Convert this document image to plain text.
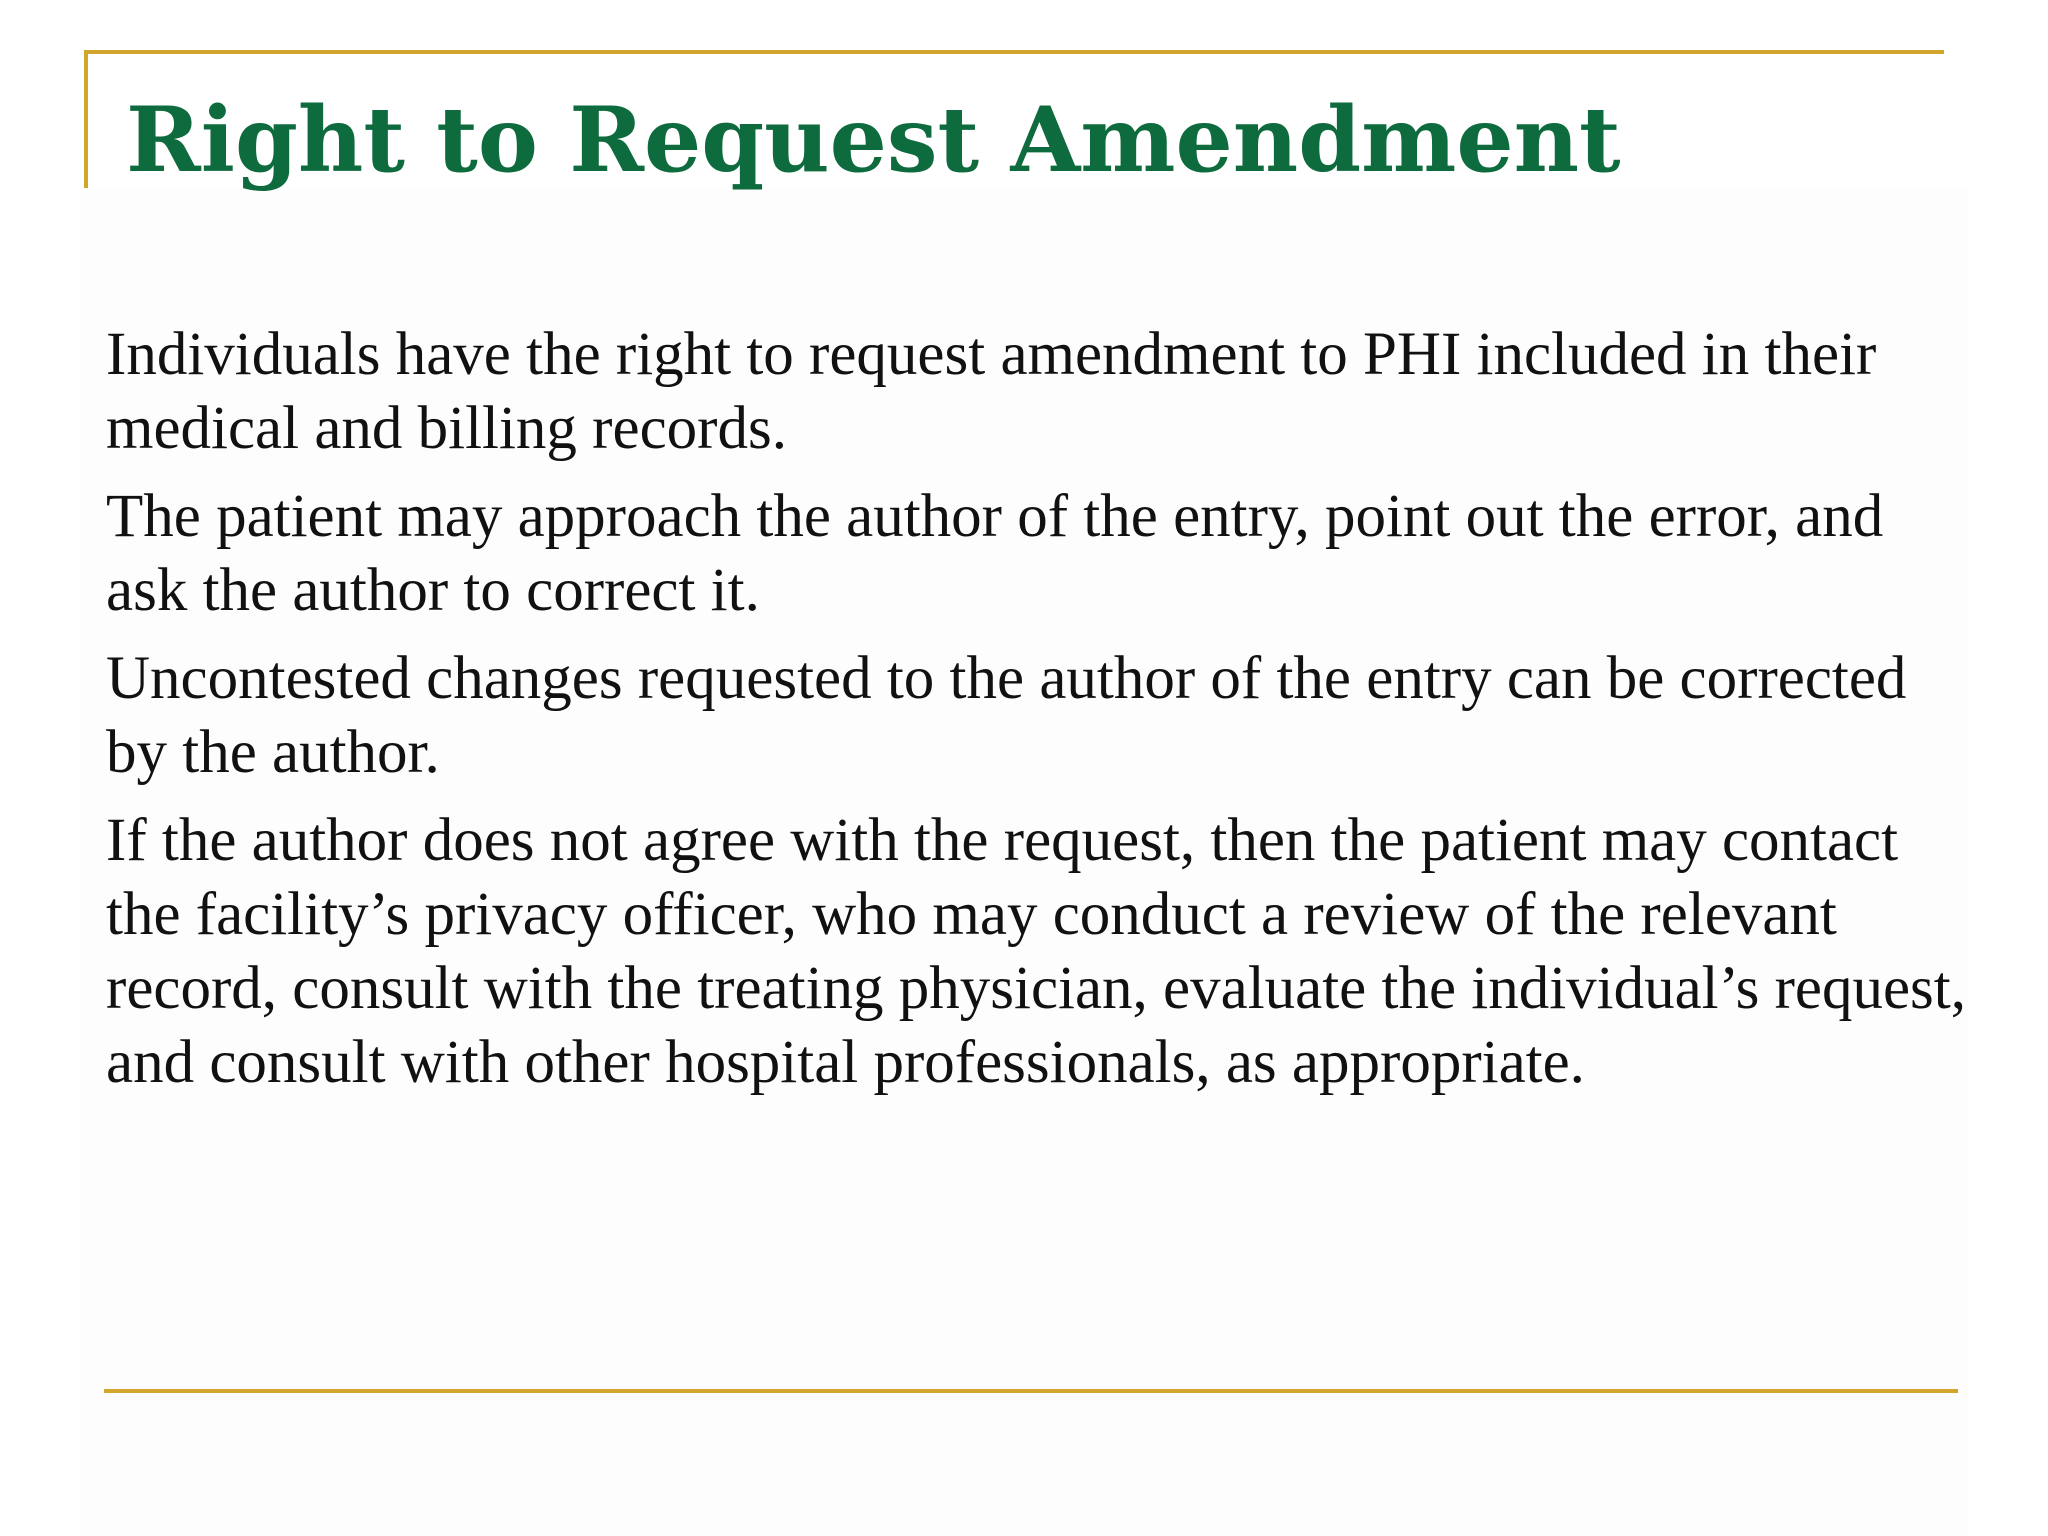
Right to Request Amendment

Individuals have the right to request amendment to PHI included in their medical and billing records.

The patient may approach the author of the entry, point out the error, and ask the author to correct it.

Uncontested changes requested to the author of the entry can be corrected by the author.

If the author does not agree with the request, then the patient may contact the facility’s privacy officer, who may conduct a review of the relevant record, consult with the treating physician, evaluate the individual’s request, and consult with other hospital professionals, as appropriate.
